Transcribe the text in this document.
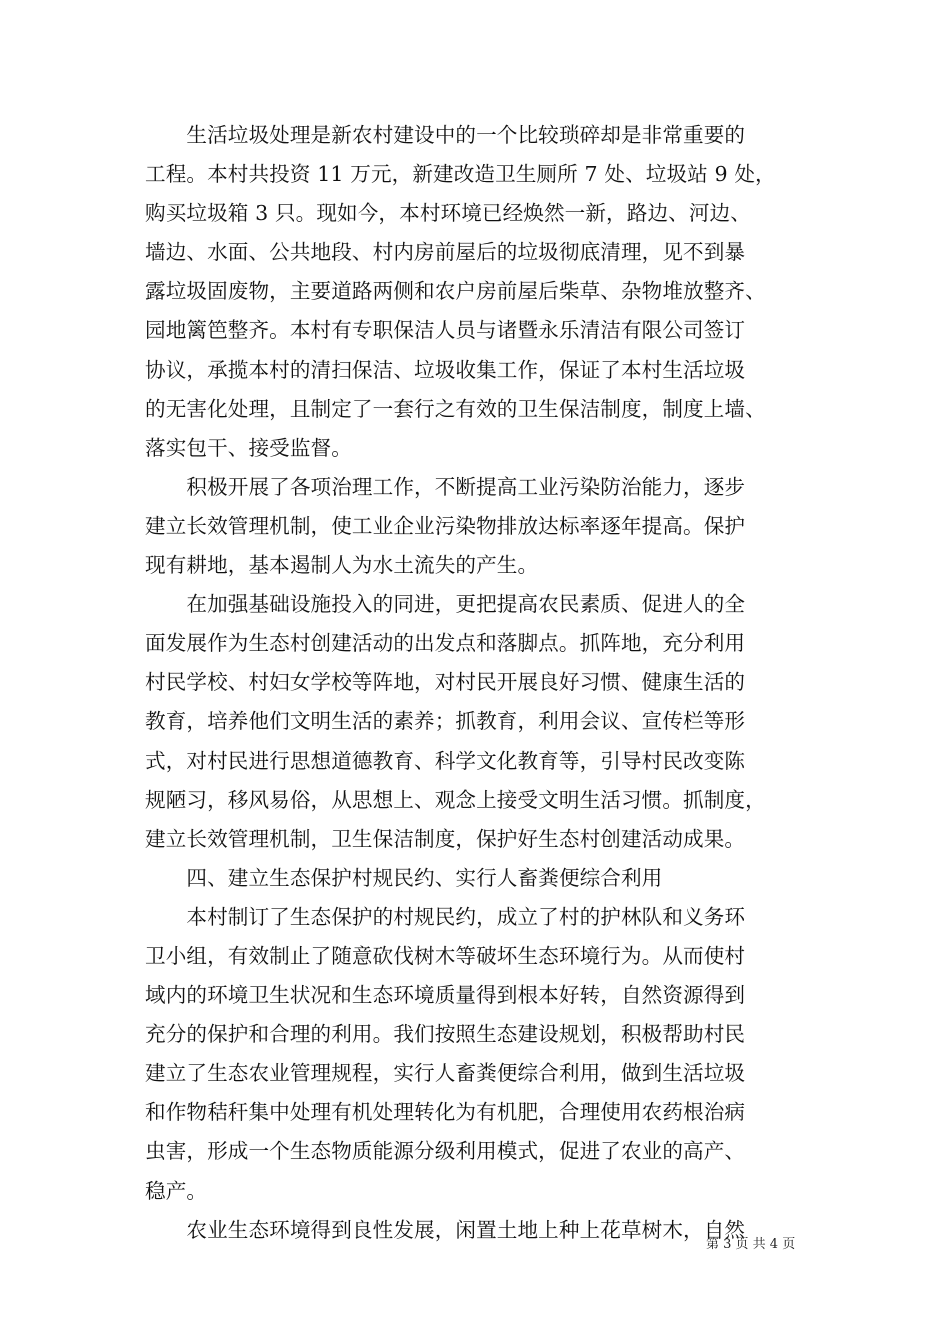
　　生活垃圾处理是新农村建设中的一个比较琐碎却是非常重要的
工程。本村共投资 11 万元，新建改造卫生厕所 7 处、垃圾站 9 处，
购买垃圾箱 3 只。现如今，本村环境已经焕然一新，路边、河边、
墙边、水面、公共地段、村内房前屋后的垃圾彻底清理，见不到暴
露垃圾固废物，主要道路两侧和农户房前屋后柴草、杂物堆放整齐、
园地篱笆整齐。本村有专职保洁人员与诸暨永乐清洁有限公司签订
协议，承揽本村的清扫保洁、垃圾收集工作，保证了本村生活垃圾
的无害化处理，且制定了一套行之有效的卫生保洁制度，制度上墙、
落实包干、接受监督。
　　积极开展了各项治理工作，不断提高工业污染防治能力，逐步
建立长效管理机制，使工业企业污染物排放达标率逐年提高。保护
现有耕地，基本遏制人为水土流失的产生。
　　在加强基础设施投入的同进，更把提高农民素质、促进人的全
面发展作为生态村创建活动的出发点和落脚点。抓阵地，充分利用
村民学校、村妇女学校等阵地，对村民开展良好习惯、健康生活的
教育，培养他们文明生活的素养；抓教育，利用会议、宣传栏等形
式，对村民进行思想道德教育、科学文化教育等，引导村民改变陈
规陋习，移风易俗，从思想上、观念上接受文明生活习惯。抓制度，
建立长效管理机制，卫生保洁制度，保护好生态村创建活动成果。
　　四、建立生态保护村规民约、实行人畜粪便综合利用
　　本村制订了生态保护的村规民约，成立了村的护林队和义务环
卫小组，有效制止了随意砍伐树木等破坏生态环境行为。从而使村
域内的环境卫生状况和生态环境质量得到根本好转，自然资源得到
充分的保护和合理的利用。我们按照生态建设规划，积极帮助村民
建立了生态农业管理规程，实行人畜粪便综合利用，做到生活垃圾
和作物秸秆集中处理有机处理转化为有机肥，合理使用农药根治病
虫害，形成一个生态物质能源分级利用模式，促进了农业的高产、
稳产。
　　农业生态环境得到良性发展，闲置土地上种上花草树木，自然
第 3 页 共 4 页
